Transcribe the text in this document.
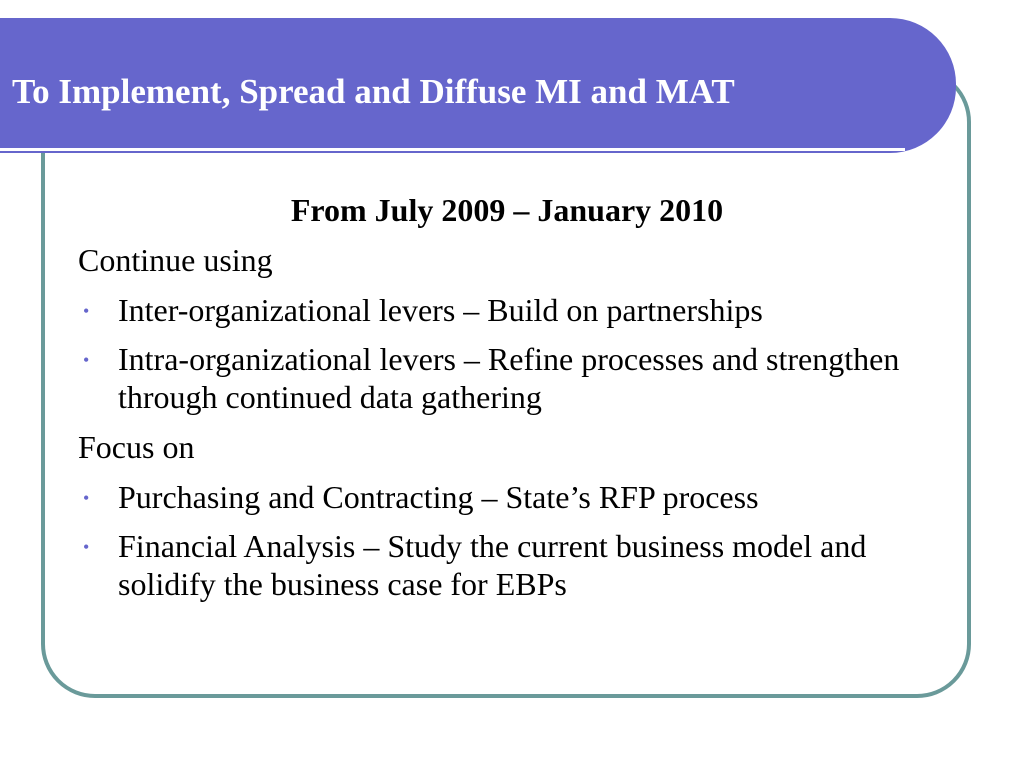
To Implement, Spread and Diffuse MI and MAT

From July 2009 – January 2010

Continue using

• Inter-organizational levers – Build on partnerships
• Intra-organizational levers – Refine processes and strengthen through continued data gathering

Focus on

• Purchasing and Contracting – State’s RFP process
• Financial Analysis – Study the current business model and solidify the business case for EBPs
